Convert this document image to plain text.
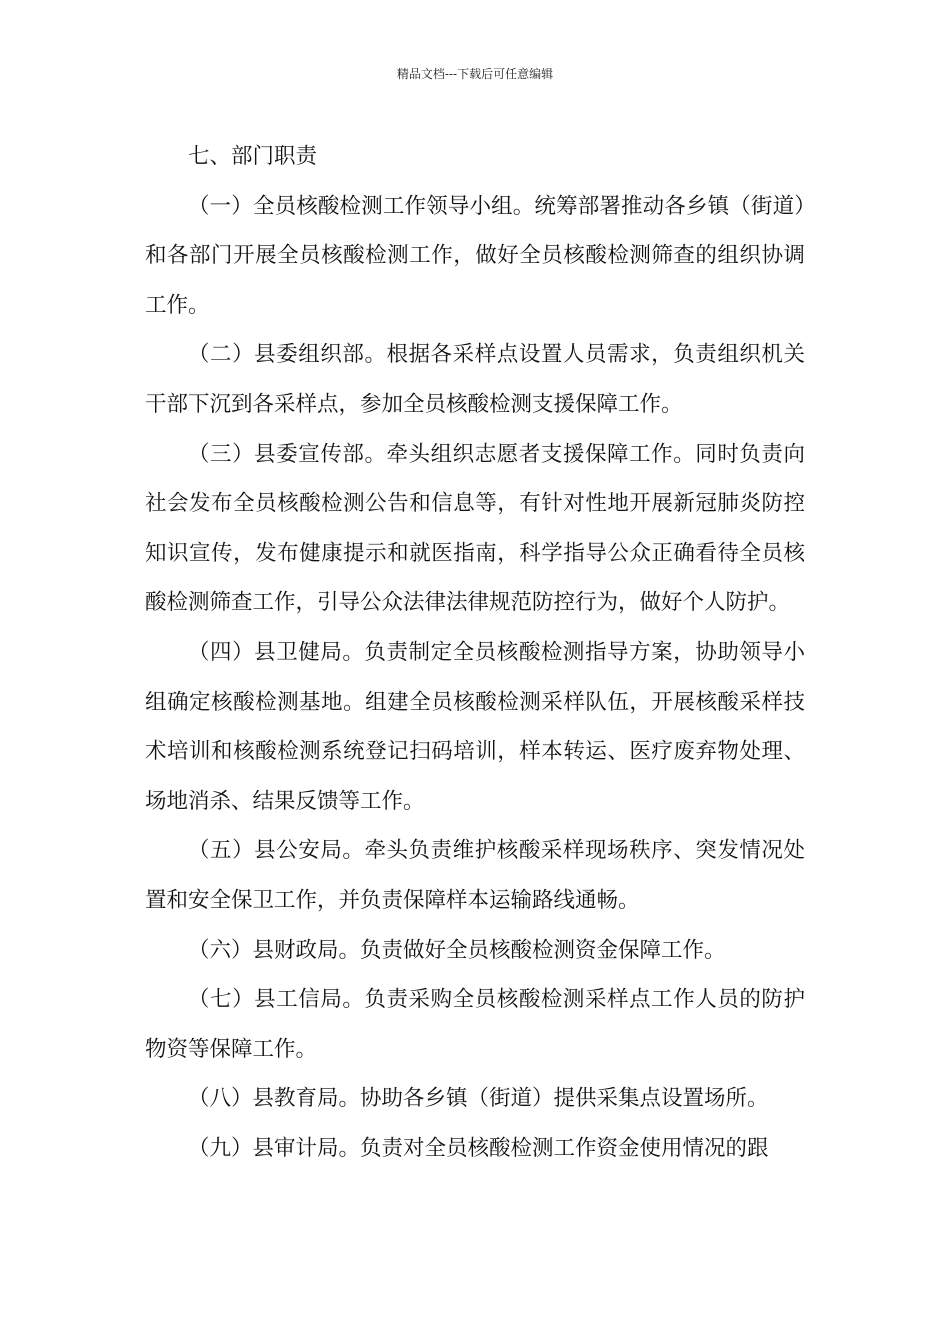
精品文档---下载后可任意编辑

七、部门职责

（一）全员核酸检测工作领导小组。统筹部署推动各乡镇（街道）和各部门开展全员核酸检测工作，做好全员核酸检测筛查的组织协调工作。

（二）县委组织部。根据各采样点设置人员需求，负责组织机关干部下沉到各采样点，参加全员核酸检测支援保障工作。

（三）县委宣传部。牵头组织志愿者支援保障工作。同时负责向社会发布全员核酸检测公告和信息等，有针对性地开展新冠肺炎防控知识宣传，发布健康提示和就医指南，科学指导公众正确看待全员核酸检测筛查工作，引导公众法律法律规范防控行为，做好个人防护。

（四）县卫健局。负责制定全员核酸检测指导方案，协助领导小组确定核酸检测基地。组建全员核酸检测采样队伍，开展核酸采样技术培训和核酸检测系统登记扫码培训，样本转运、医疗废弃物处理、场地消杀、结果反馈等工作。

（五）县公安局。牵头负责维护核酸采样现场秩序、突发情况处置和安全保卫工作，并负责保障样本运输路线通畅。

（六）县财政局。负责做好全员核酸检测资金保障工作。

（七）县工信局。负责采购全员核酸检测采样点工作人员的防护物资等保障工作。

（八）县教育局。协助各乡镇（街道）提供采集点设置场所。

（九）县审计局。负责对全员核酸检测工作资金使用情况的跟
